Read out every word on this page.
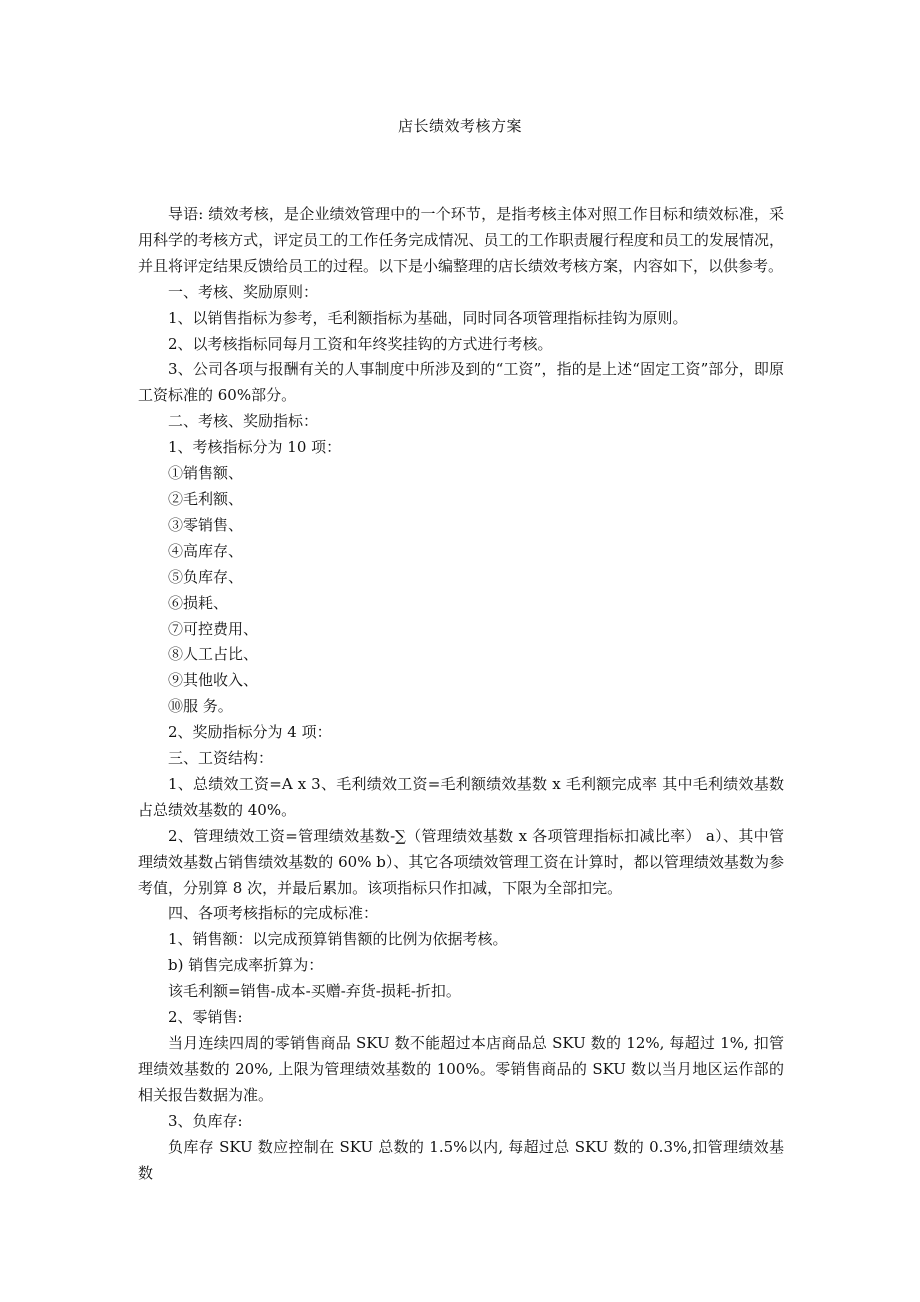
店长绩效考核方案

导语: 绩效考核，是企业绩效管理中的一个环节，是指考核主体对照工作目标和绩效标准，采用科学的考核方式，评定员工的工作任务完成情况、员工的工作职责履行程度和员工的发展情况，并且将评定结果反馈给员工的过程。以下是小编整理的店长绩效考核方案，内容如下，以供参考。

一、考核、奖励原则：

1、以销售指标为参考，毛利额指标为基础，同时同各项管理指标挂钩为原则。

2、以考核指标同每月工资和年终奖挂钩的方式进行考核。

3、公司各项与报酬有关的人事制度中所涉及到的“工资”，指的是上述“固定工资”部分，即原工资标准的 60%部分。

二、考核、奖励指标：

1、考核指标分为 10 项：

①销售额、

②毛利额、

③零销售、

④高库存、

⑤负库存、

⑥损耗、

⑦可控费用、

⑧人工占比、

⑨其他收入、

⑩服 务。

2、奖励指标分为 4 项：

三、工资结构：

1、总绩效工资=A x 3、毛利绩效工资=毛利额绩效基数 x 毛利额完成率 其中毛利绩效基数占总绩效基数的 40%。

2、管理绩效工资=管理绩效基数-∑（管理绩效基数 x 各项管理指标扣减比率） a）、其中管理绩效基数占销售绩效基数的 60% b）、其它各项绩效管理工资在计算时，都以管理绩效基数为参考值，分别算 8 次，并最后累加。该项指标只作扣减，下限为全部扣完。

四、各项考核指标的完成标准：

1、销售额：以完成预算销售额的比例为依据考核。

b) 销售完成率折算为：

该毛利额=销售-成本-买赠-弃货-损耗-折扣。

2、零销售:

当月连续四周的零销售商品 SKU 数不能超过本店商品总 SKU 数的 12%, 每超过 1%, 扣管理绩效基数的 20%, 上限为管理绩效基数的 100%。零销售商品的 SKU 数以当月地区运作部的相关报告数据为准。

3、负库存:

负库存 SKU 数应控制在 SKU 总数的 1.5%以内, 每超过总 SKU 数的 0.3%,扣管理绩效基数
